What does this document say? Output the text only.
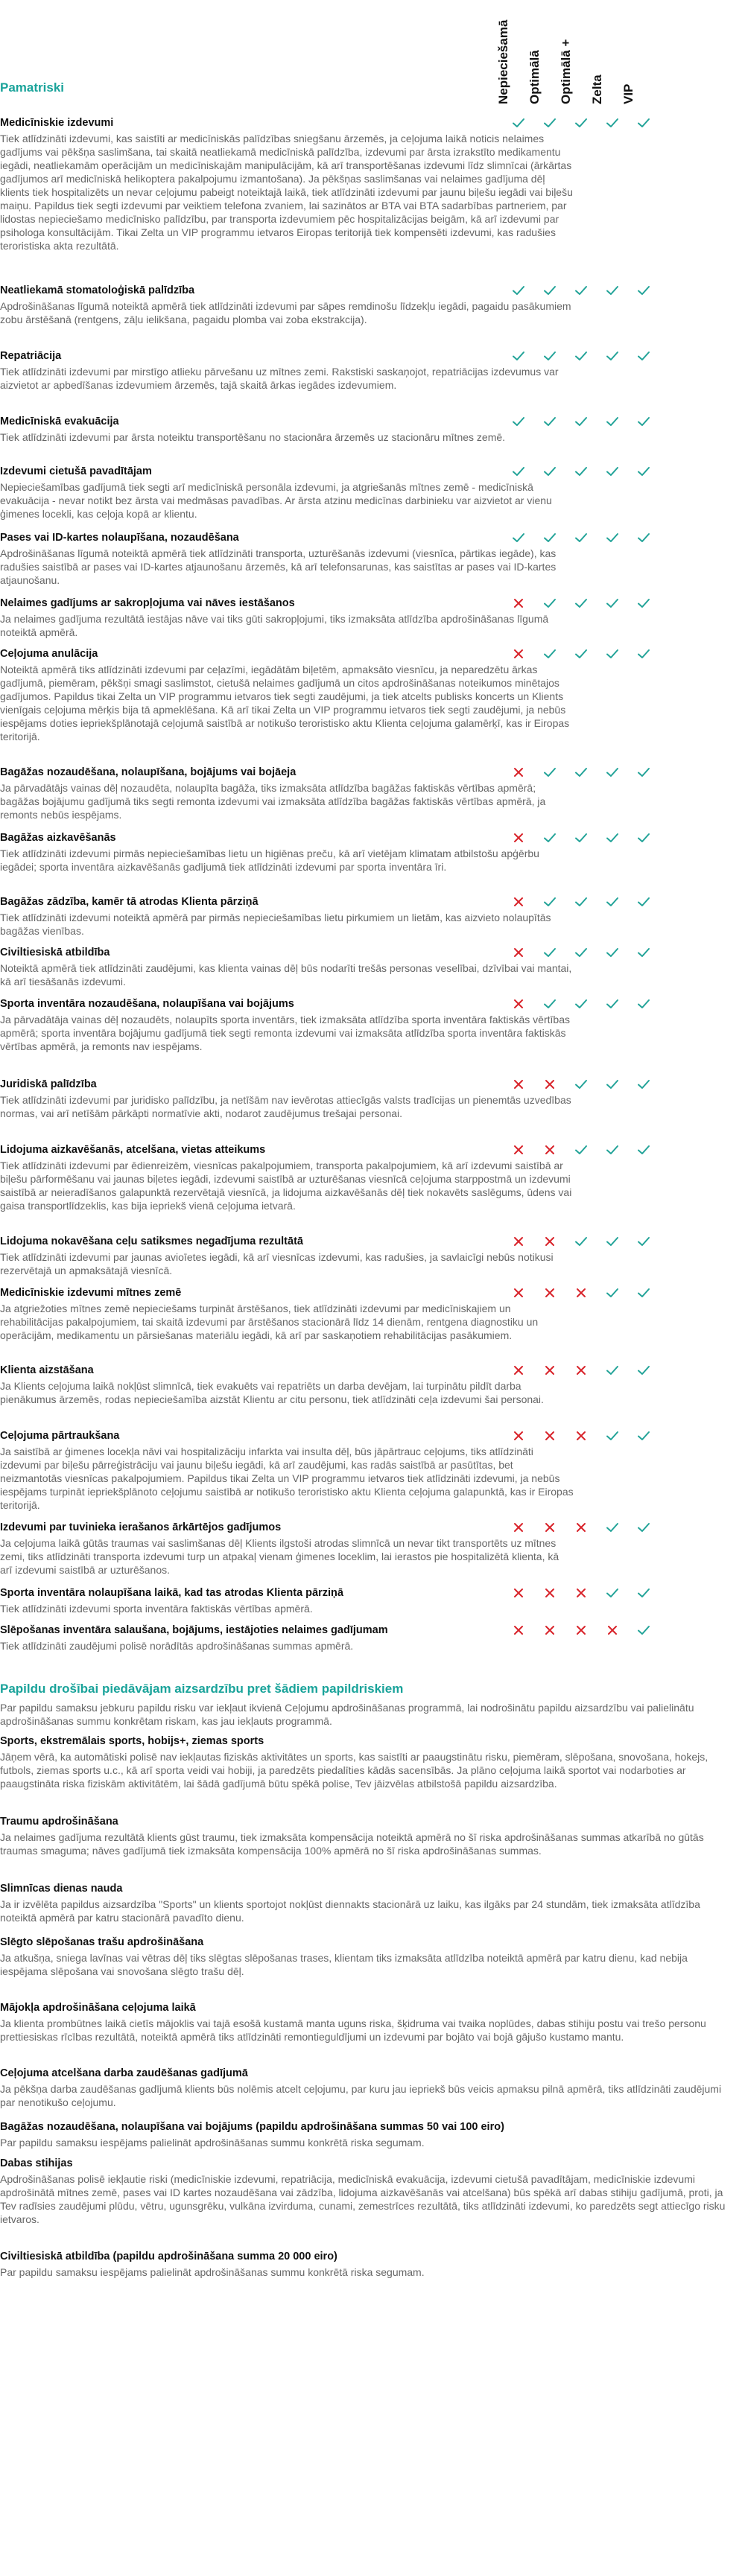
Nepieciešamā Optimālā Optimālā + Zelta VIP
Pamatriski
Medicīniskie izdevumi
Tiek atlīdzināti izdevumi, kas saistīti ar medicīniskās palīdzības sniegšanu ārzemēs, ja ceļojuma laikā noticis nelaimes gadījums vai pēkšņa saslimšana, tai skaitā neatliekamā medicīniskā palīdzība, izdevumi par ārsta izrakstīto medikamentu iegādi, neatliekamām operācijām un medicīniskajām manipulācijām, kā arī transportēšanas izdevumi līdz slimnīcai (ārkārtas gadījumos arī medicīniskā helikoptera pakalpojumu izmantošana). Ja pēkšņas saslimšanas vai nelaimes gadījuma dēļ klients tiek hospitalizēts un nevar ceļojumu pabeigt noteiktajā laikā, tiek atlīdzināti izdevumi par jaunu biļešu iegādi vai biļešu maiņu. Papildus tiek segti izdevumi par veiktiem telefona zvaniem, lai sazinātos ar BTA vai BTA sadarbības partneriem, par lidostas nepieciešamo medicīnisko palīdzību, par transporta izdevumiem pēc hospitalizācijas beigām, kā arī izdevumi par psihologa konsultācijām. Tikai Zelta un VIP programmu ietvaros Eiropas teritorijā tiek kompensēti izdevumi, kas radušies teroristiska akta rezultātā.
Neatliekamā stomatoloģiskā palīdzība
Apdrošināšanas līgumā noteiktā apmērā tiek atlīdzināti izdevumi par sāpes remdinošu līdzekļu iegādi, pagaidu pasākumiem zobu ārstēšanā (rentgens, zāļu ielikšana, pagaidu plomba vai zoba ekstrakcija).
Repatriācija
Tiek atlīdzināti izdevumi par mirstīgo atlieku pārvešanu uz mītnes zemi. Rakstiski saskaņojot, repatriācijas izdevumus var aizvietot ar apbedīšanas izdevumiem ārzemēs, tajā skaitā ārkas iegādes izdevumiem.
Medicīniskā evakuācija
Tiek atlīdzināti izdevumi par ārsta noteiktu transportēšanu no stacionāra ārzemēs uz stacionāru mītnes zemē.
Izdevumi cietušā pavadītājam
Nepieciešamības gadījumā tiek segti arī medicīniskā personāla izdevumi, ja atgriešanās mītnes zemē - medicīniskā evakuācija - nevar notikt bez ārsta vai medmāsas pavadības. Ar ārsta atzinu medicīnas darbinieku var aizvietot ar vienu ģimenes locekli, kas ceļoja kopā ar klientu.
Pases vai ID-kartes nolaupīšana, nozaudēšana
Apdrošināšanas līgumā noteiktā apmērā tiek atlīdzināti transporta, uzturēšanās izdevumi (viesnīca, pārtikas iegāde), kas radušies saistībā ar pases vai ID-kartes atjaunošanu ārzemēs, kā arī telefonsarunas, kas saistītas ar pases vai ID-kartes atjaunošanu.
Nelaimes gadījums ar sakropļojuma vai nāves iestāšanos
Ja nelaimes gadījuma rezultātā iestājas nāve vai tiks gūti sakropļojumi, tiks izmaksāta atlīdzība apdrošināšanas līgumā noteiktā apmērā.
Ceļojuma anulācija
Noteiktā apmērā tiks atlīdzināti izdevumi par ceļazīmi, iegādātām biļetēm, apmaksāto viesnīcu, ja neparedzētu ārkas gadījumā, piemēram, pēkšņi smagi saslimstot, cietušā nelaimes gadījumā un citos apdrošināšanas noteikumos minētajos gadījumos. Papildus tikai Zelta un VIP programmu ietvaros tiek segti zaudējumi, ja tiek atcelts publisks koncerts un Klients vienīgais ceļojuma mērķis bija tā apmeklēšana. Kā arī tikai Zelta un VIP programmu ietvaros tiek segti zaudējumi, ja nebūs iespējams doties iepriekšplānotajā ceļojumā saistībā ar notikušo teroristisko aktu Klienta ceļojuma galamērķī, kas ir Eiropas teritorijā.
Bagāžas nozaudēšana, nolaupīšana, bojājums vai bojāeja
Ja pārvadātājs vainas dēļ nozaudēta, nolaupīta bagāža, tiks izmaksāta atlīdzība bagāžas faktiskās vērtības apmērā; bagāžas bojājumu gadījumā tiks segti remonta izdevumi vai izmaksāta atlīdzība bagāžas faktiskās vērtības apmērā, ja remonts nebūs iespējams.
Bagāžas aizkavēšanās
Tiek atlīdzināti izdevumi pirmās nepieciešamības lietu un higiēnas preču, kā arī vietējam klimatam atbilstošu apģērbu iegādei; sporta inventāra aizkavēšanās gadījumā tiek atlīdzināti izdevumi par sporta inventāra īri.
Bagāžas zādzība, kamēr tā atrodas Klienta pārziņā
Tiek atlīdzināti izdevumi noteiktā apmērā par pirmās nepieciešamības lietu pirkumiem un lietām, kas aizvieto nolaupītās bagāžas vienības.
Civiltiesiskā atbildība
Noteiktā apmērā tiek atlīdzināti zaudējumi, kas klienta vainas dēļ būs nodarīti trešās personas veselībai, dzīvībai vai mantai, kā arī tiesāšanās izdevumi.
Sporta inventāra nozaudēšana, nolaupīšana vai bojājums
Ja pārvadātāja vainas dēļ nozaudēts, nolaupīts sporta inventārs, tiek izmaksāta atlīdzība sporta inventāra faktiskās vērtības apmērā; sporta inventāra bojājumu gadījumā tiek segti remonta izdevumi vai izmaksāta atlīdzība sporta inventāra faktiskās vērtības apmērā, ja remonts nav iespējams.
Juridiskā palīdzība
Tiek atlīdzināti izdevumi par juridisko palīdzību, ja netīšām nav ievērotas attiecīgās valsts tradīcijas un pienemtās uzvedības normas, vai arī netīšām pārkāpti normatīvie akti, nodarot zaudējumus trešajai personai.
Lidojuma aizkavēšanās, atcelšana, vietas atteikums
Tiek atlīdzināti izdevumi par ēdienreizēm, viesnīcas pakalpojumiem, transporta pakalpojumiem, kā arī izdevumi saistībā ar biļešu pārformēšanu vai jaunas biļetes iegādi, izdevumi saistībā ar uzturēšanas viesnīcā ceļojuma starppostmā un izdevumi saistībā ar neieradīšanos galapunktā rezervētajā viesnīcā, ja lidojuma aizkavēšanās dēļ tiek nokavēts saslēgums, ūdens vai gaisa transportlīdzeklis, kas bija iepriekš vienā ceļojuma ietvarā.
Lidojuma nokavēšana ceļu satiksmes negadījuma rezultātā
Tiek atlīdzināti izdevumi par jaunas avioīetes iegādi, kā arī viesnīcas izdevumi, kas radušies, ja savlaicīgi nebūs notikusi rezervētajā un apmaksātajā viesnīcā.
Medicīniskie izdevumi mītnes zemē
Ja atgriežoties mītnes zemē nepieciešams turpināt ārstēšanos, tiek atlīdzināti izdevumi par medicīniskajiem un rehabilitācijas pakalpojumiem, tai skaitā izdevumi par ārstēšanos stacionārā līdz 14 dienām, rentgena diagnostiku un operācijām, medikamentu un pārsiešanas materiālu iegādi, kā arī par saskaņotiem rehabilitācijas pasākumiem.
Klienta aizstāšana
Ja Klients ceļojuma laikā nokļūst slimnīcā, tiek evakuēts vai repatriēts un darba devējam, lai turpinātu pildīt darba pienākumus ārzemēs, rodas nepieciešamība aizstāt Klientu ar citu personu, tiek atlīdzināti ceļa izdevumi šai personai.
Ceļojuma pārtraukšana
Ja saistībā ar ģimenes locekļa nāvi vai hospitalizāciju infarkta vai insulta dēļ, būs jāpārtrauc ceļojums, tiks atlīdzināti izdevumi par biļešu pārreģistrāciju vai jaunu biļešu iegādi, kā arī zaudējumi, kas radās saistībā ar pasūtītas, bet neizmantotās viesnīcas pakalpojumiem. Papildus tikai Zelta un VIP programmu ietvaros tiek atlīdzināti izdevumi, ja nebūs iespējams turpināt iepriekšplānoto ceļojumu saistībā ar notikušo teroristisko aktu Klienta ceļojuma galapunktā, kas ir Eiropas teritorijā.
Izdevumi par tuvinieka ierašanos ārkārtējos gadījumos
Ja ceļojuma laikā gūtās traumas vai saslimšanas dēļ Klients ilgstoši atrodas slimnīcā un nevar tikt transportēts uz mītnes zemi, tiks atlīdzināti transporta izdevumi turp un atpakaļ vienam ģimenes loceklim, lai ierastos pie hospitalizētā klienta, kā arī izdevumi saistībā ar uzturēšanos.
Sporta inventāra nolaupīšana laikā, kad tas atrodas Klienta pārziņā
Tiek atlīdzināti izdevumi sporta inventāra faktiskās vērtības apmērā.
Slēpošanas inventāra salaušana, bojājums, iestājoties nelaimes gadījumam
Tiek atlīdzināti zaudējumi polisē norādītās apdrošināšanas summas apmērā.
Papildu drošībai piedāvājam aizsardzību pret šādiem papildriskiem
Par papildu samaksu jebkuru papildu risku var iekļaut ikvienā Ceļojumu apdrošināšanas programmā, lai nodrošinātu papildu aizsardzību vai palielinātu apdrošināšanas summu konkrētam riskam, kas jau iekļauts programmā.
Sports, ekstremālais sports, hobijs+, ziemas sports
Jāņem vērā, ka automātiski polisē nav iekļautas fiziskās aktivitātes un sports, kas saistīti ar paaugstinātu risku, piemēram, slēpošana, snovošana, hokejs, futbols, ziemas sports u.c., kā arī sporta veidi vai hobiji, ja paredzēts piedalīties kādās sacensībās. Ja plāno ceļojuma laikā sportot vai nodarboties ar paaugstināta riska fiziskām aktivitātēm, lai šādā gadījumā būtu spēkā polise, Tev jāizvēlas atbilstošā papildu aizsardzība.
Traumu apdrošināšana
Ja nelaimes gadījuma rezultātā klients gūst traumu, tiek izmaksāta kompensācija noteiktā apmērā no šī riska apdrošināšanas summas atkarībā no gūtās traumas smaguma; nāves gadījumā tiek izmaksāta kompensācija 100% apmērā no šī riska apdrošināšanas summas.
Slimnīcas dienas nauda
Ja ir izvēlēta papildus aizsardzība "Sports" un klients sportojot nokļūst diennakts stacionārā uz laiku, kas ilgāks par 24 stundām, tiek izmaksāta atlīdzība noteiktā apmērā par katru stacionārā pavadīto dienu.
Slēgto slēpošanas trašu apdrošināšana
Ja atkušņa, sniega lavīnas vai vētras dēļ tiks slēgtas slēpošanas trases, klientam tiks izmaksāta atlīdzība noteiktā apmērā par katru dienu, kad nebija iespējama slēpošana vai snovošana slēgto trašu dēļ.
Mājokļa apdrošināšana ceļojuma laikā
Ja klienta prombūtnes laikā cietīs mājoklis vai tajā esošā kustamā manta uguns riska, šķidruma vai tvaika noplūdes, dabas stihiju postu vai trešo personu prettiesiskas rīcības rezultātā, noteiktā apmērā tiks atlīdzināti remontieguldījumi un izdevumi par bojāto vai bojā gājušo kustamo mantu.
Ceļojuma atcelšana darba zaudēšanas gadījumā
Ja pēkšņa darba zaudēšanas gadījumā klients būs nolēmis atcelt ceļojumu, par kuru jau iepriekš būs veicis apmaksu pilnā apmērā, tiks atlīdzināti zaudējumi par nenotikušo ceļojumu.
Bagāžas nozaudēšana, nolaupīšana vai bojājums (papildu apdrošināšana summas 50 vai 100 eiro)
Par papildu samaksu iespējams palielināt apdrošināšanas summu konkrētā riska segumam.
Dabas stihijas
Apdrošināšanas polisē iekļautie riski (medicīniskie izdevumi, repatriācija, medicīniskā evakuācija, izdevumi cietušā pavadītājam, medicīniskie izdevumi apdrošinātā mītnes zemē, pases vai ID kartes nozaudēšana vai zādzība, lidojuma aizkavēšanās vai atcelšana) būs spēkā arī dabas stihiju gadījumā, proti, ja Tev radīsies zaudējumi plūdu, vētru, ugunsgrēku, vulkāna izvirduma, cunami, zemestrīces rezultātā, tiks atlīdzināti izdevumi, ko paredzēts segt attiecīgo risku ietvaros.
Civiltiesiskā atbildība (papildu apdrošināšana summa 20 000 eiro)
Par papildu samaksu iespējams palielināt apdrošināšanas summu konkrētā riska segumam.
